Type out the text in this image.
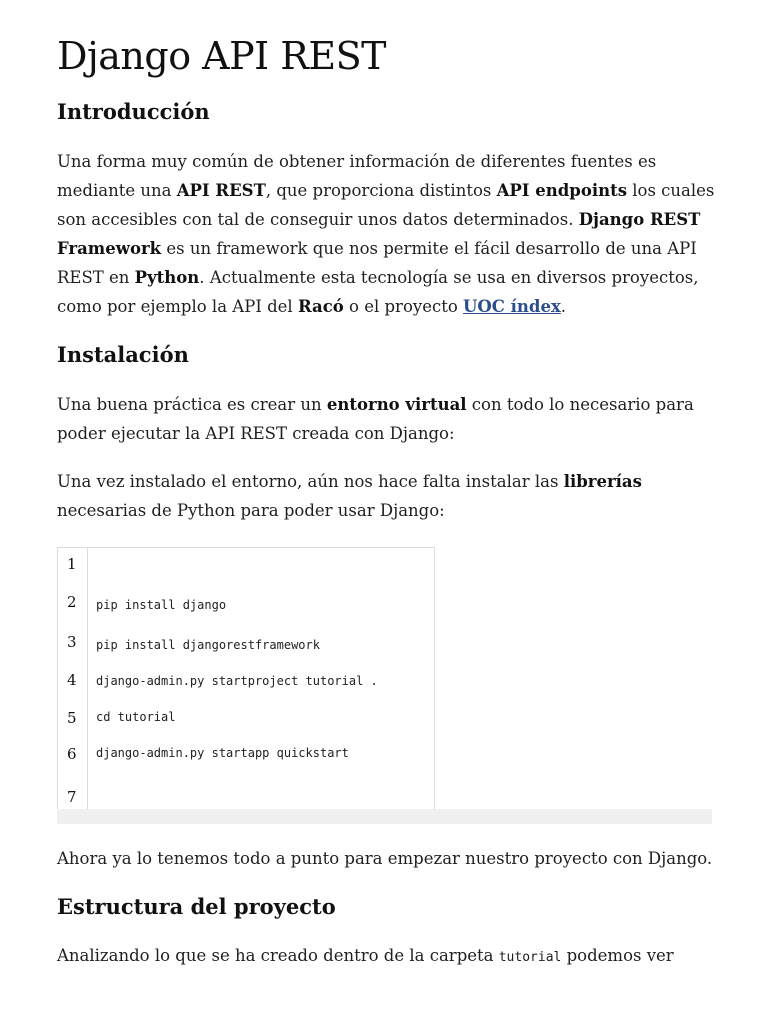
Django API REST
Introducción

Una forma muy común de obtener información de diferentes fuentes es mediante una API REST, que proporciona distintos API endpoints los cuales son accesibles con tal de conseguir unos datos determinados. Django REST Framework es un framework que nos permite el fácil desarrollo de una API REST en Python. Actualmente esta tecnología se usa en diversos proyectos, como por ejemplo la API del Racó o el proyecto UOC índex.

Instalación

Una buena práctica es crear un entorno virtual con todo lo necesario para poder ejecutar la API REST creada con Django:

Una vez instalado el entorno, aún nos hace falta instalar las librerías necesarias de Python para poder usar Django:

1
2
3
4
5
6
7
pip install django
pip install djangorestframework
django-admin.py startproject tutorial .
cd tutorial
django-admin.py startapp quickstart

Ahora ya lo tenemos todo a punto para empezar nuestro proyecto con Django.

Estructura del proyecto

Analizando lo que se ha creado dentro de la carpeta tutorial podemos ver
